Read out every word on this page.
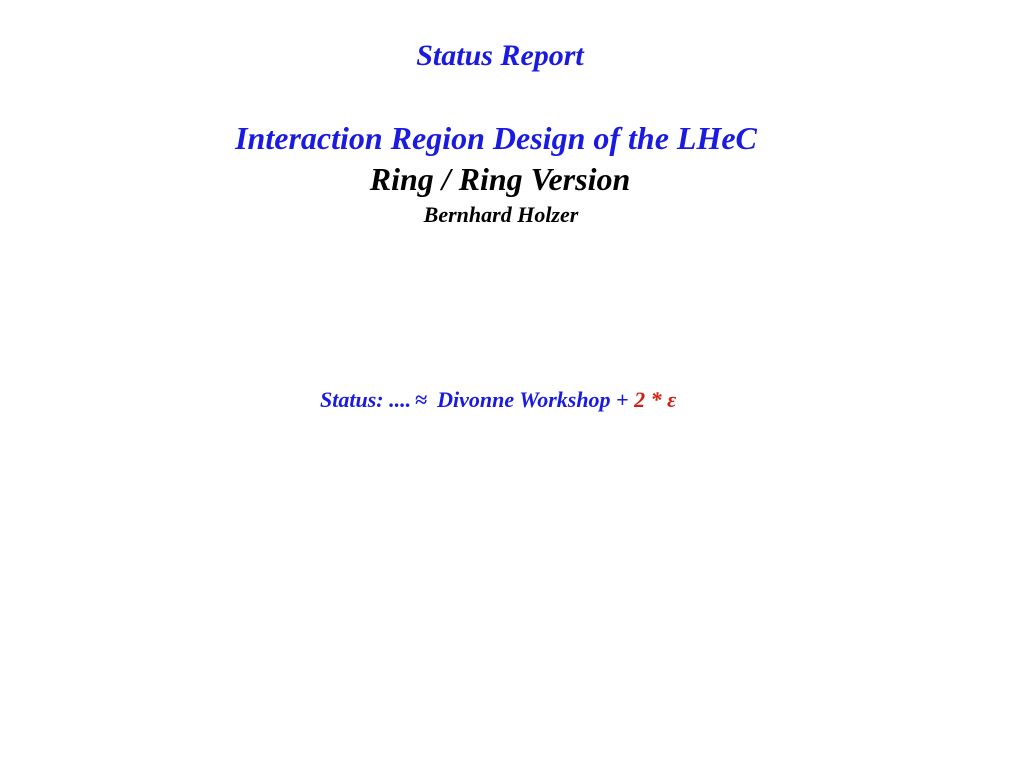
Status Report
Interaction Region Design of the LHeC
Ring / Ring Version
Bernhard Holzer
Status: .... ≈ Divonne Workshop + 2 * ε
